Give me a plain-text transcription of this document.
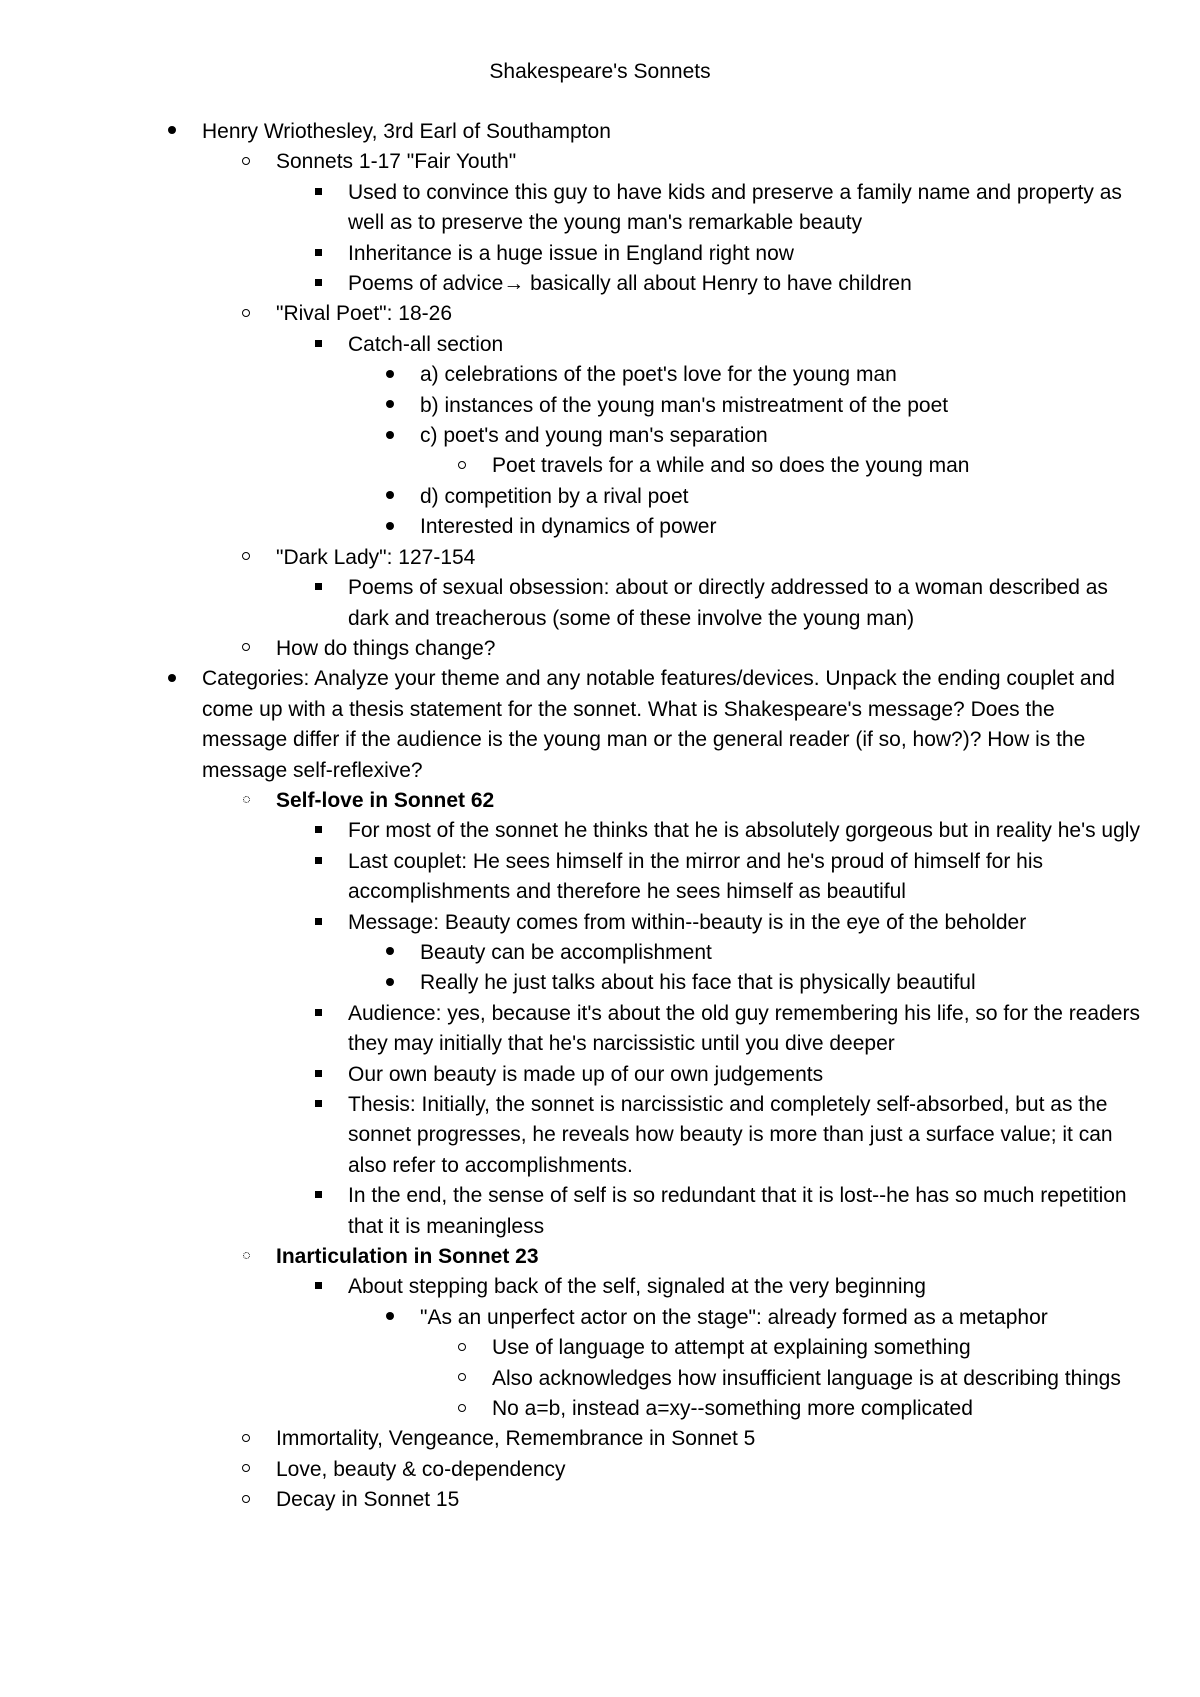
Shakespeare's Sonnets
Henry Wriothesley, 3rd Earl of Southampton
Sonnets 1-17 "Fair Youth"
Used to convince this guy to have kids and preserve a family name and property as well as to preserve the young man's remarkable beauty
Inheritance is a huge issue in England right now
Poems of advice→ basically all about Henry to have children
"Rival Poet": 18-26
Catch-all section
a) celebrations of the poet's love for the young man
b) instances of the young man's mistreatment of the poet
c) poet's and young man's separation
Poet travels for a while and so does the young man
d) competition by a rival poet
Interested in dynamics of power
"Dark Lady": 127-154
Poems of sexual obsession: about or directly addressed to a woman described as dark and treacherous (some of these involve the young man)
How do things change?
Categories: Analyze your theme and any notable features/devices. Unpack the ending couplet and come up with a thesis statement for the sonnet. What is Shakespeare's message? Does the message differ if the audience is the young man or the general reader (if so, how?)? How is the message self-reflexive?
Self-love in Sonnet 62
For most of the sonnet he thinks that he is absolutely gorgeous but in reality he's ugly
Last couplet: He sees himself in the mirror and he's proud of himself for his accomplishments and therefore he sees himself as beautiful
Message: Beauty comes from within--beauty is in the eye of the beholder
Beauty can be accomplishment
Really he just talks about his face that is physically beautiful
Audience: yes, because it's about the old guy remembering his life, so for the readers they may initially that he's narcissistic until you dive deeper
Our own beauty is made up of our own judgements
Thesis: Initially, the sonnet is narcissistic and completely self-absorbed, but as the sonnet progresses, he reveals how beauty is more than just a surface value; it can also refer to accomplishments.
In the end, the sense of self is so redundant that it is lost--he has so much repetition that it is meaningless
Inarticulation in Sonnet 23
About stepping back of the self, signaled at the very beginning
"As an unperfect actor on the stage": already formed as a metaphor
Use of language to attempt at explaining something
Also acknowledges how insufficient language is at describing things
No a=b, instead a=xy--something more complicated
Immortality, Vengeance, Remembrance in Sonnet 5
Love, beauty & co-dependency
Decay in Sonnet 15
